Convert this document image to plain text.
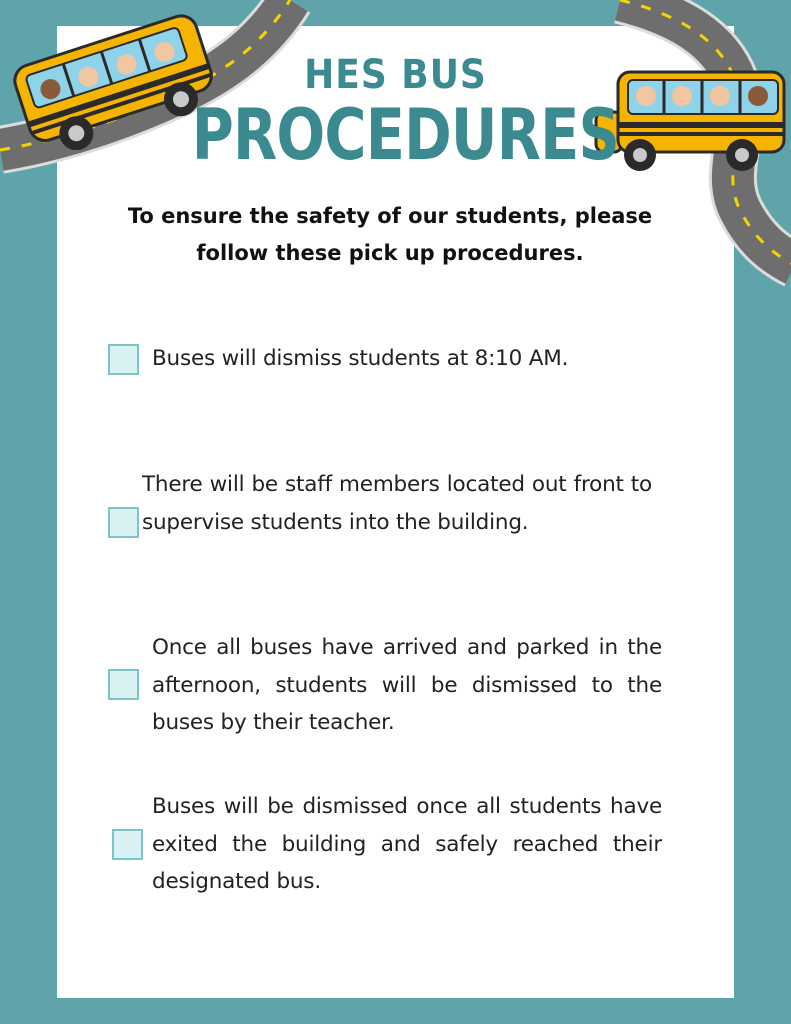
HES BUS
PROCEDURES
To ensure the safety of our students, please follow these pick up procedures.
Buses will dismiss students at 8:10 AM.
There will be staff members located out front to supervise students into the building.
Once all buses have arrived and parked in the afternoon, students will be dismissed to the buses by their teacher.
Buses will be dismissed once all students have exited the building and safely reached their designated bus.
